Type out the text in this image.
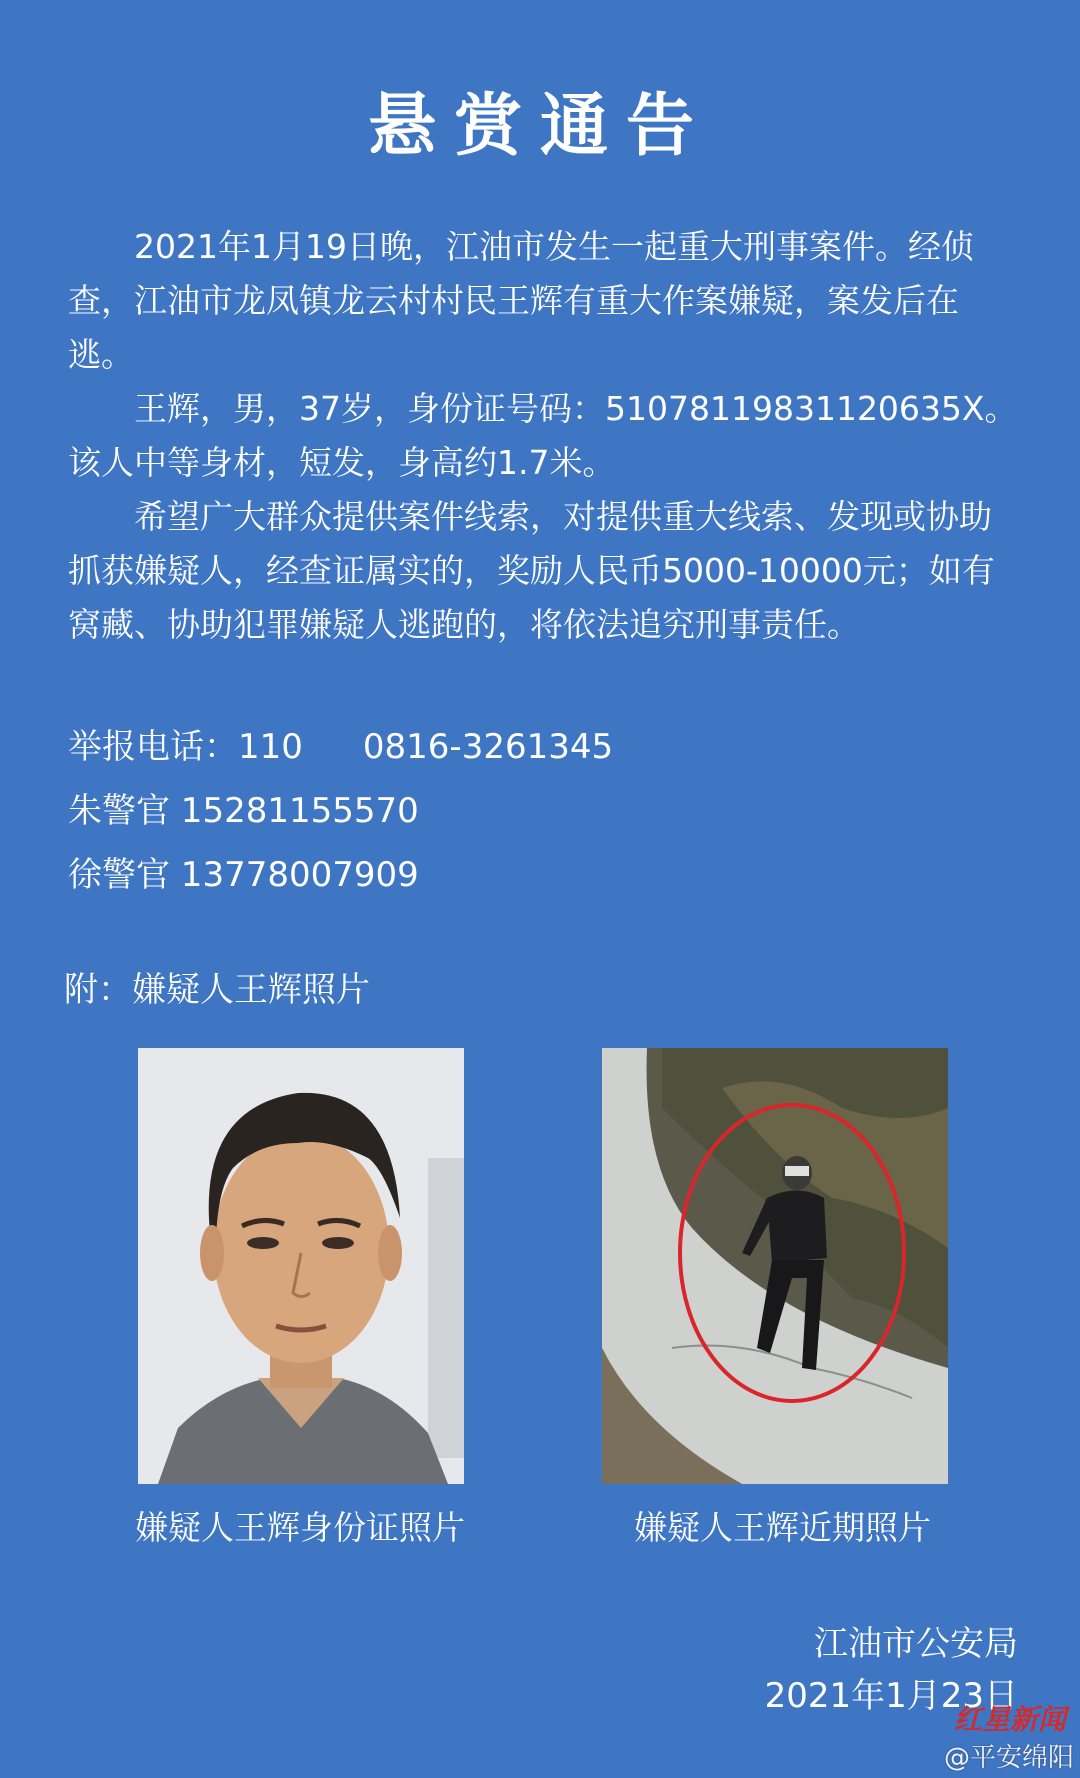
悬赏通告

2021年1月19日晚，江油市发生一起重大刑事案件。经侦查，江油市龙凤镇龙云村村民王辉有重大作案嫌疑，案发后在逃。

王辉，男，37岁，身份证号码：51078119831120635X。该人中等身材，短发，身高约1.7米。

希望广大群众提供案件线索，对提供重大线索、发现或协助抓获嫌疑人，经查证属实的，奖励人民币5000-10000元；如有窝藏、协助犯罪嫌疑人逃跑的，将依法追究刑事责任。

举报电话：110 0816-3261345
朱警官 15281155570
徐警官 13778007909
附：嫌疑人王辉照片
嫌疑人王辉身份证照片	嫌疑人王辉近期照片
江油市公安局
2021年1月23日
红星新闻
@平安绵阳
